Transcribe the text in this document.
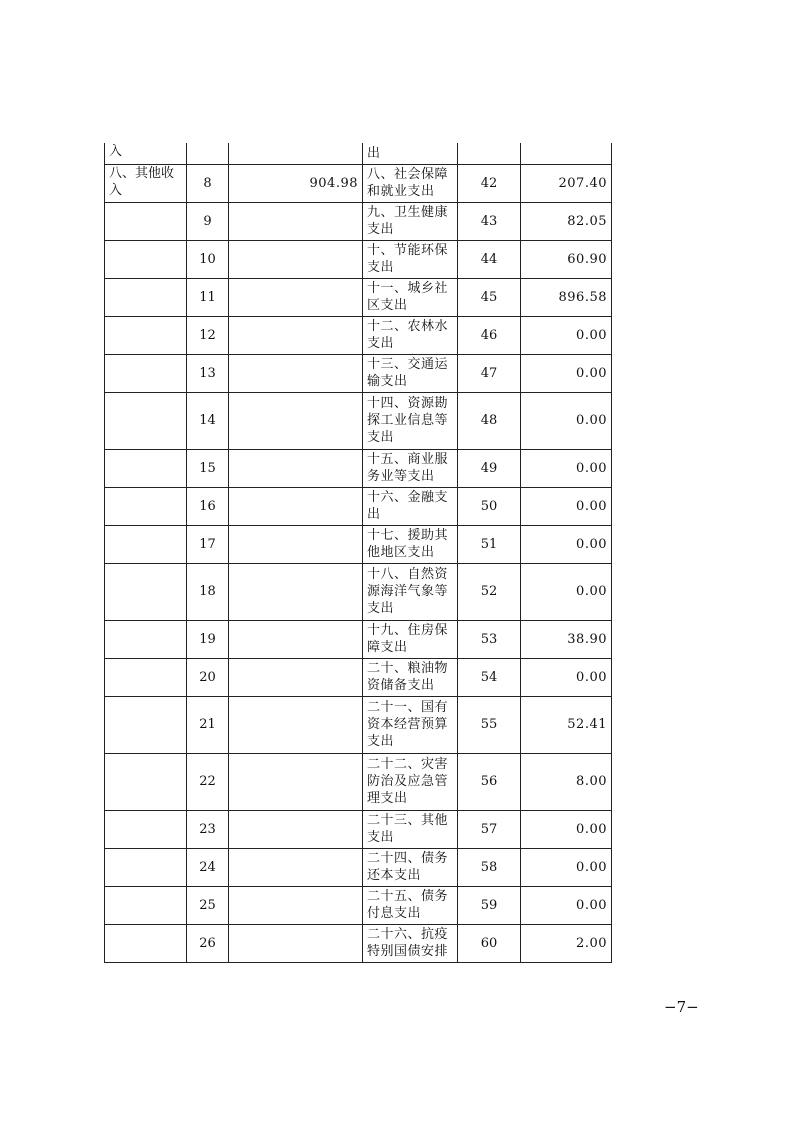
入			出		
八、其他收入	8	904.98	八、社会保障和就业支出	42	207.40
	9		九、卫生健康支出	43	82.05
	10		十、节能环保支出	44	60.90
	11		十一、城乡社区支出	45	896.58
	12		十二、农林水支出	46	0.00
	13		十三、交通运输支出	47	0.00
	14		十四、资源勘探工业信息等支出	48	0.00
	15		十五、商业服务业等支出	49	0.00
	16		十六、金融支出	50	0.00
	17		十七、援助其他地区支出	51	0.00
	18		十八、自然资源海洋气象等支出	52	0.00
	19		十九、住房保障支出	53	38.90
	20		二十、粮油物资储备支出	54	0.00
	21		二十一、国有资本经营预算支出	55	52.41
	22		二十二、灾害防治及应急管理支出	56	8.00
	23		二十三、其他支出	57	0.00
	24		二十四、债务还本支出	58	0.00
	25		二十五、债务付息支出	59	0.00
	26		二十六、抗疫特别国债安排	60	2.00
−7−
